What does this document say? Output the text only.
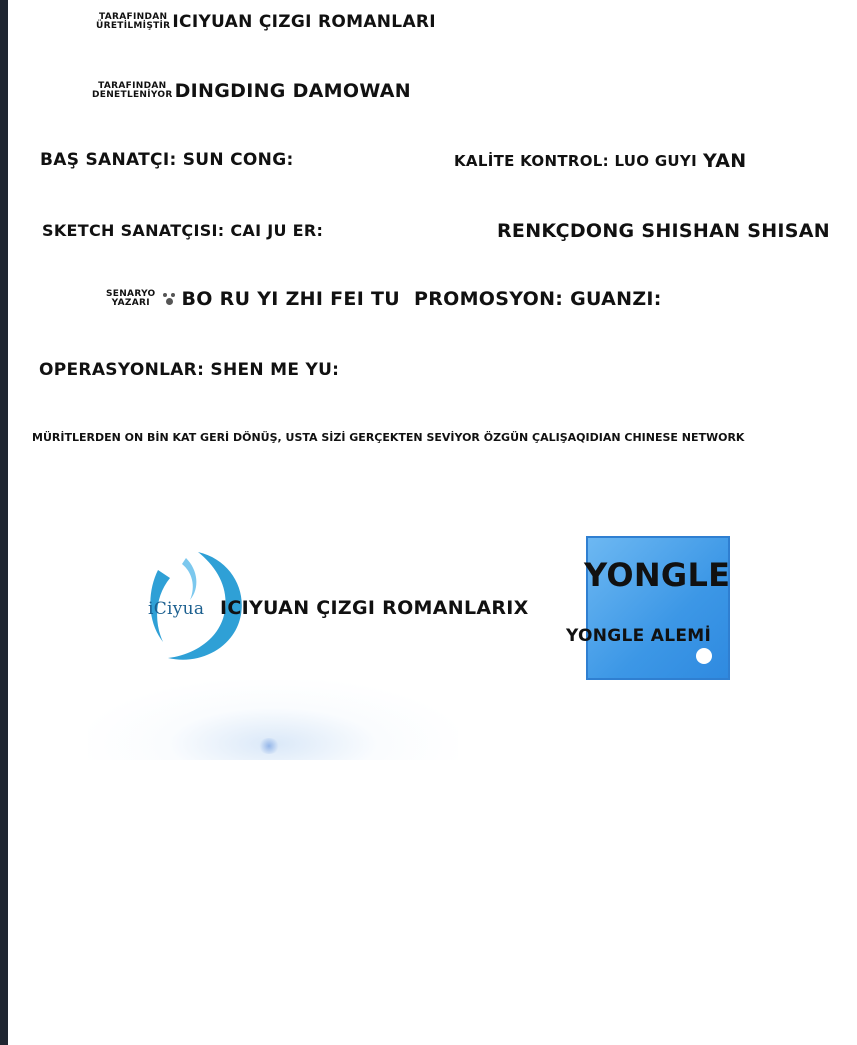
TARAFINDAN
ÜRETİLMİŞTİR ICIYUAN ÇIZGI ROMANLARI
TARAFINDAN
DENETLENİYOR DINGDING DAMOWAN
BAŞ SANATÇI: SUN CONG:	KALİTE KONTROL: LUO GUYI YAN
SKETCH SANATÇISI: CAI JU ER:	RENKÇDONG SHISHAN SHISAN
SENARYO
YAZARI BO RU YI ZHI FEI TU PROMOSYON: GUANZI:
OPERASYONLAR: SHEN ME YU:
MÜRİTLERDEN ON BİN KAT GERİ DÖNÜŞ, USTA SİZİ GERÇEKTEN SEVİYOR ÖZGÜN ÇALIŞAQIDIAN CHINESE NETWORK
iCiyua ICIYUAN ÇIZGI ROMANLARIX
YONGLE
YONGLE ALEMİ
